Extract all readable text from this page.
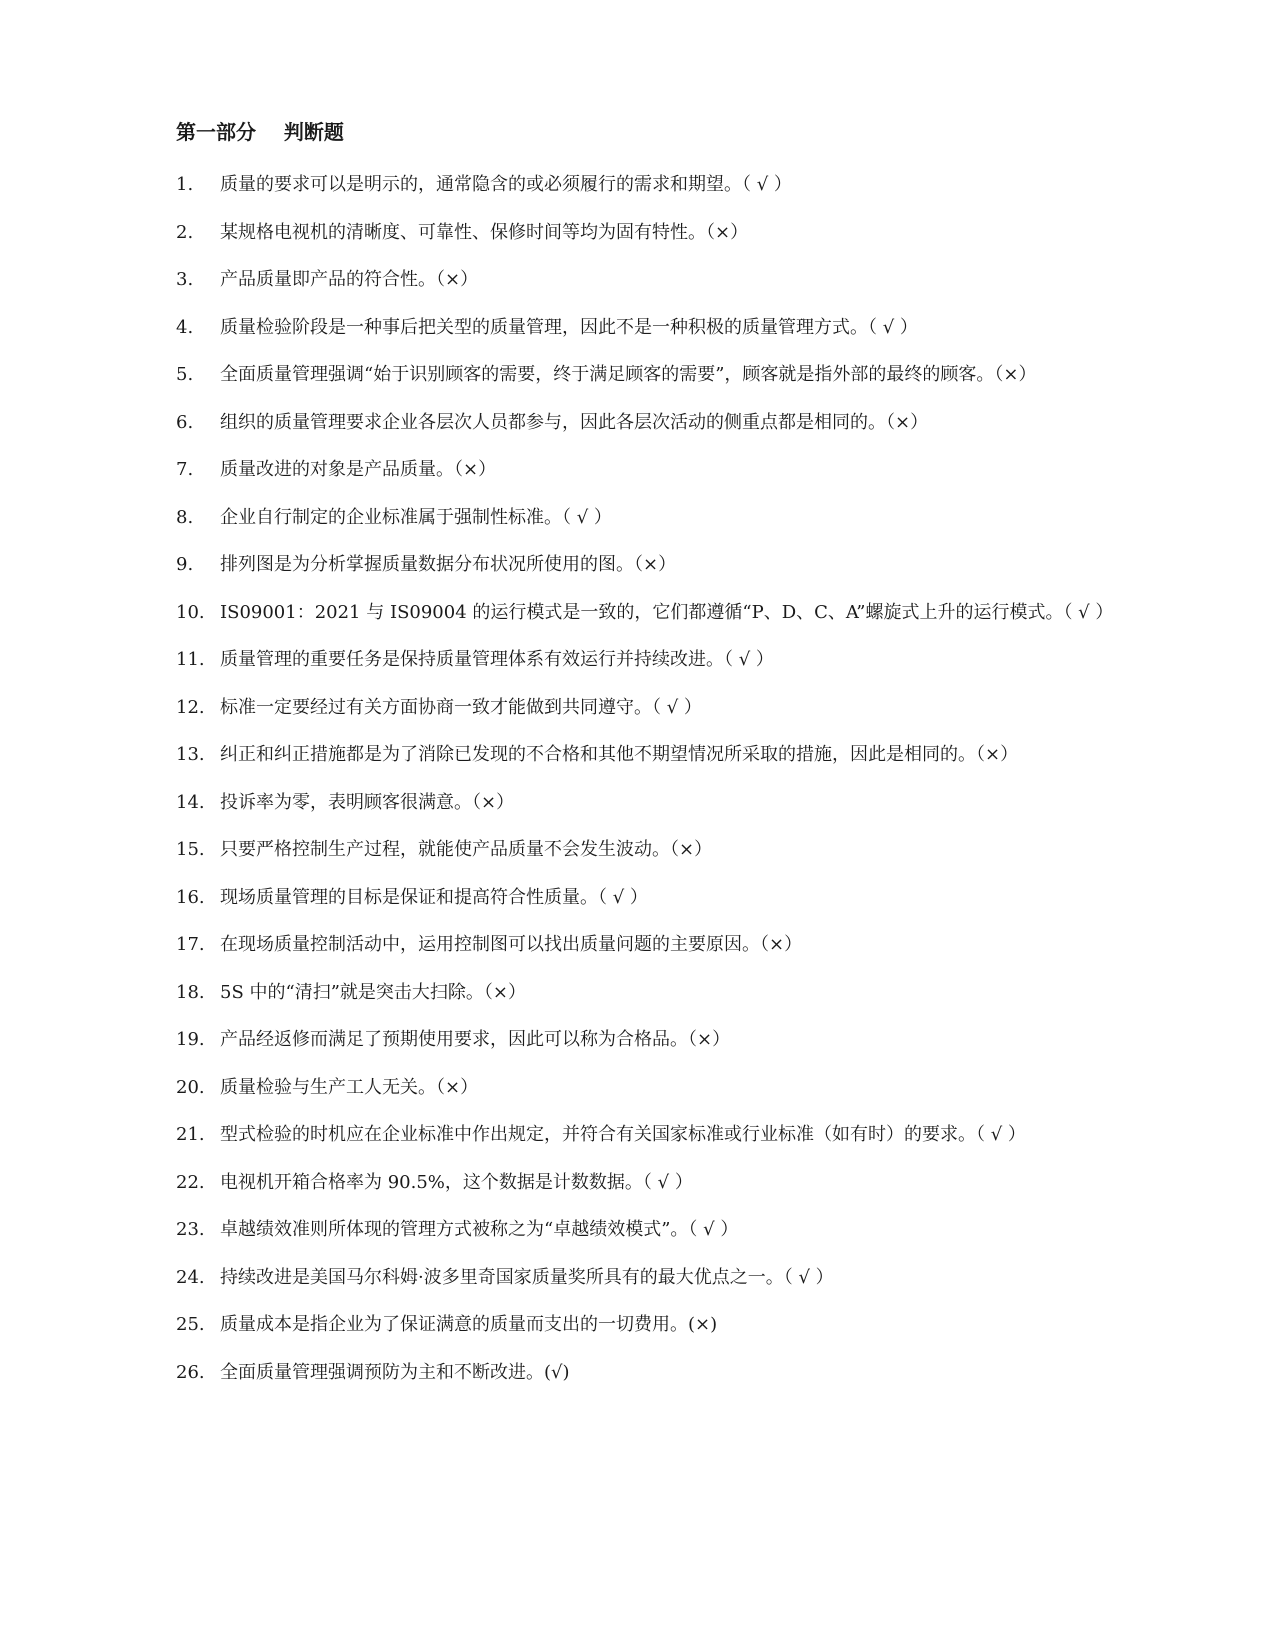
第一部分    判断题
1.	质量的要求可以是明示的，通常隐含的或必须履行的需求和期望。（ √ ）
2.	某规格电视机的清晰度、可靠性、保修时间等均为固有特性。（×）
3.	产品质量即产品的符合性。（×）
4.	质量检验阶段是一种事后把关型的质量管理，因此不是一种积极的质量管理方式。（ √ ）
5.	全面质量管理强调“始于识别顾客的需要，终于满足顾客的需要”，顾客就是指外部的最终的顾客。（×）
6.	组织的质量管理要求企业各层次人员都参与，因此各层次活动的侧重点都是相同的。（×）
7.	质量改进的对象是产品质量。（×）
8.	企业自行制定的企业标准属于强制性标准。（ √ ）
9.	排列图是为分析掌握质量数据分布状况所使用的图。（×）
10. IS09001：2021 与 IS09004 的运行模式是一致的，它们都遵循“P、D、C、A”螺旋式上升的运行模式。（ √ ）
11. 质量管理的重要任务是保持质量管理体系有效运行并持续改进。（ √ ）
12. 标准一定要经过有关方面协商一致才能做到共同遵守。（ √ ）
13. 纠正和纠正措施都是为了消除已发现的不合格和其他不期望情况所采取的措施，因此是相同的。（×）
14. 投诉率为零，表明顾客很满意。（×）
15. 只要严格控制生产过程，就能使产品质量不会发生波动。（×）
16. 现场质量管理的目标是保证和提高符合性质量。（ √ ）
17. 在现场质量控制活动中，运用控制图可以找出质量问题的主要原因。（×）
18. 5S 中的“清扫”就是突击大扫除。（×）
19. 产品经返修而满足了预期使用要求，因此可以称为合格品。（×）
20. 质量检验与生产工人无关。（×）
21. 型式检验的时机应在企业标准中作出规定，并符合有关国家标准或行业标准（如有时）的要求。（ √ ）
22. 电视机开箱合格率为 90.5%，这个数据是计数数据。（ √ ）
23. 卓越绩效准则所体现的管理方式被称之为“卓越绩效模式”。（ √ ）
24. 持续改进是美国马尔科姆·波多里奇国家质量奖所具有的最大优点之一。（ √ ）
25. 质量成本是指企业为了保证满意的质量而支出的一切费用。(×)
26. 全面质量管理强调预防为主和不断改进。(√)
